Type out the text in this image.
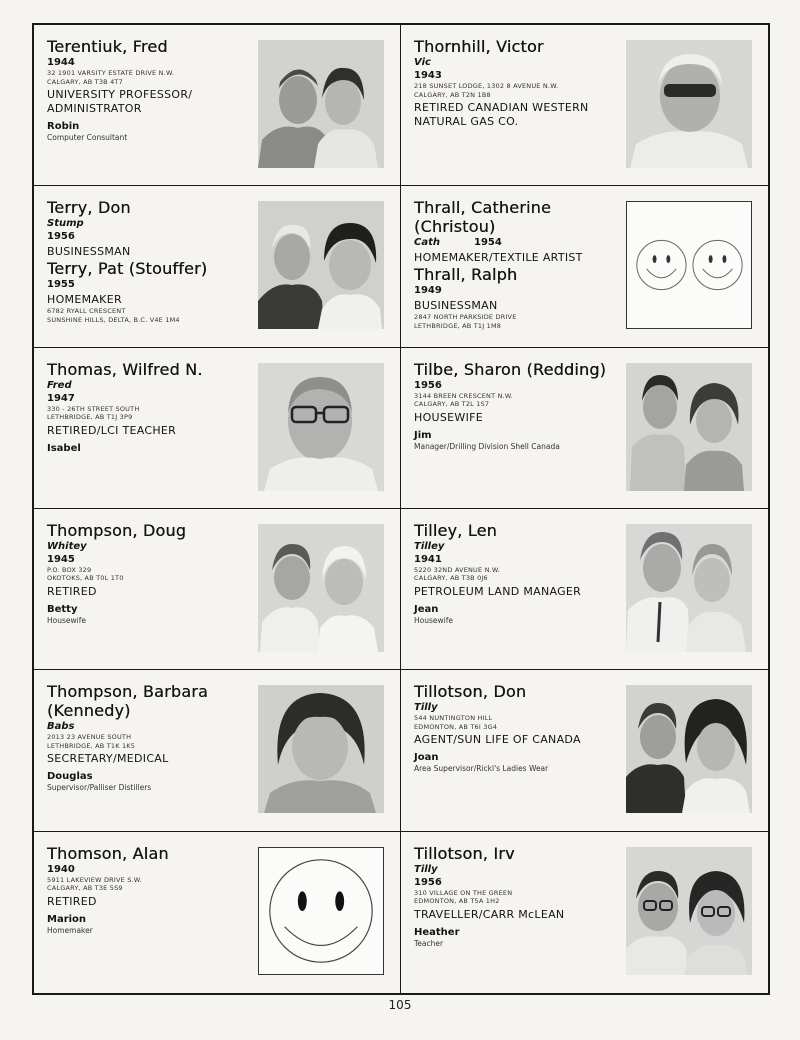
Terentiuk, Fred
1944
32 1901 VARSITY ESTATE DRIVE N.W.
CALGARY, AB T3B 4T7
UNIVERSITY PROFESSOR/ ADMINISTRATOR
Robin
Computer Consultant
Thornhill, Victor
Vic
1943
218 SUNSET LODGE, 1302 8 AVENUE N.W.
CALGARY, AB T2N 1B8
RETIRED CANADIAN WESTERN NATURAL GAS CO.
Terry, Don
Stump
1956
BUSINESSMAN
Terry, Pat (Stouffer)
1955
HOMEMAKER
6782 RYALL CRESCENT
SUNSHINE HILLS, DELTA, B.C. V4E 1M4
Thrall, Catherine (Christou)
Cath	1954
HOMEMAKER/TEXTILE ARTIST
Thrall, Ralph
1949
BUSINESSMAN
2847 NORTH PARKSIDE DRIVE
LETHBRIDGE, AB T1J 1M8
Thomas, Wilfred N.
Fred
1947
330 - 26TH STREET SOUTH
LETHBRIDGE, AB T1J 3P9
RETIRED/LCI TEACHER
Isabel
Tilbe, Sharon (Redding)
1956
3144 BREEN CRESCENT N.W.
CALGARY, AB T2L 1S7
HOUSEWIFE
Jim
Manager/Drilling Division Shell Canada
Thompson, Doug
Whitey
1945
P.O. BOX 329
OKOTOKS, AB T0L 1T0
RETIRED
Betty
Housewife
Tilley, Len
Tilley
1941
5220 32ND AVENUE N.W.
CALGARY, AB T3B 0J6
PETROLEUM LAND MANAGER
Jean
Housewife
Thompson, Barbara (Kennedy)
Babs
2013 23 AVENUE SOUTH
LETHBRIDGE, AB T1K 1K5
SECRETARY/MEDICAL
Douglas
Supervisor/Palliser Distillers
Tillotson, Don
Tilly
544 NUNTINGTON HILL
EDMONTON, AB T6I 3G4
AGENT/SUN LIFE OF CANADA
Joan
Area Supervisor/Ricki's Ladies Wear
Thomson, Alan
1940
5911 LAKEVIEW DRIVE S.W.
CALGARY, AB T3E 5S9
RETIRED
Marion
Homemaker
Tillotson, Irv
Tilly
1956
310 VILLAGE ON THE GREEN
EDMONTON, AB T5A 1H2
TRAVELLER/CARR McLEAN
Heather
Teacher
105
